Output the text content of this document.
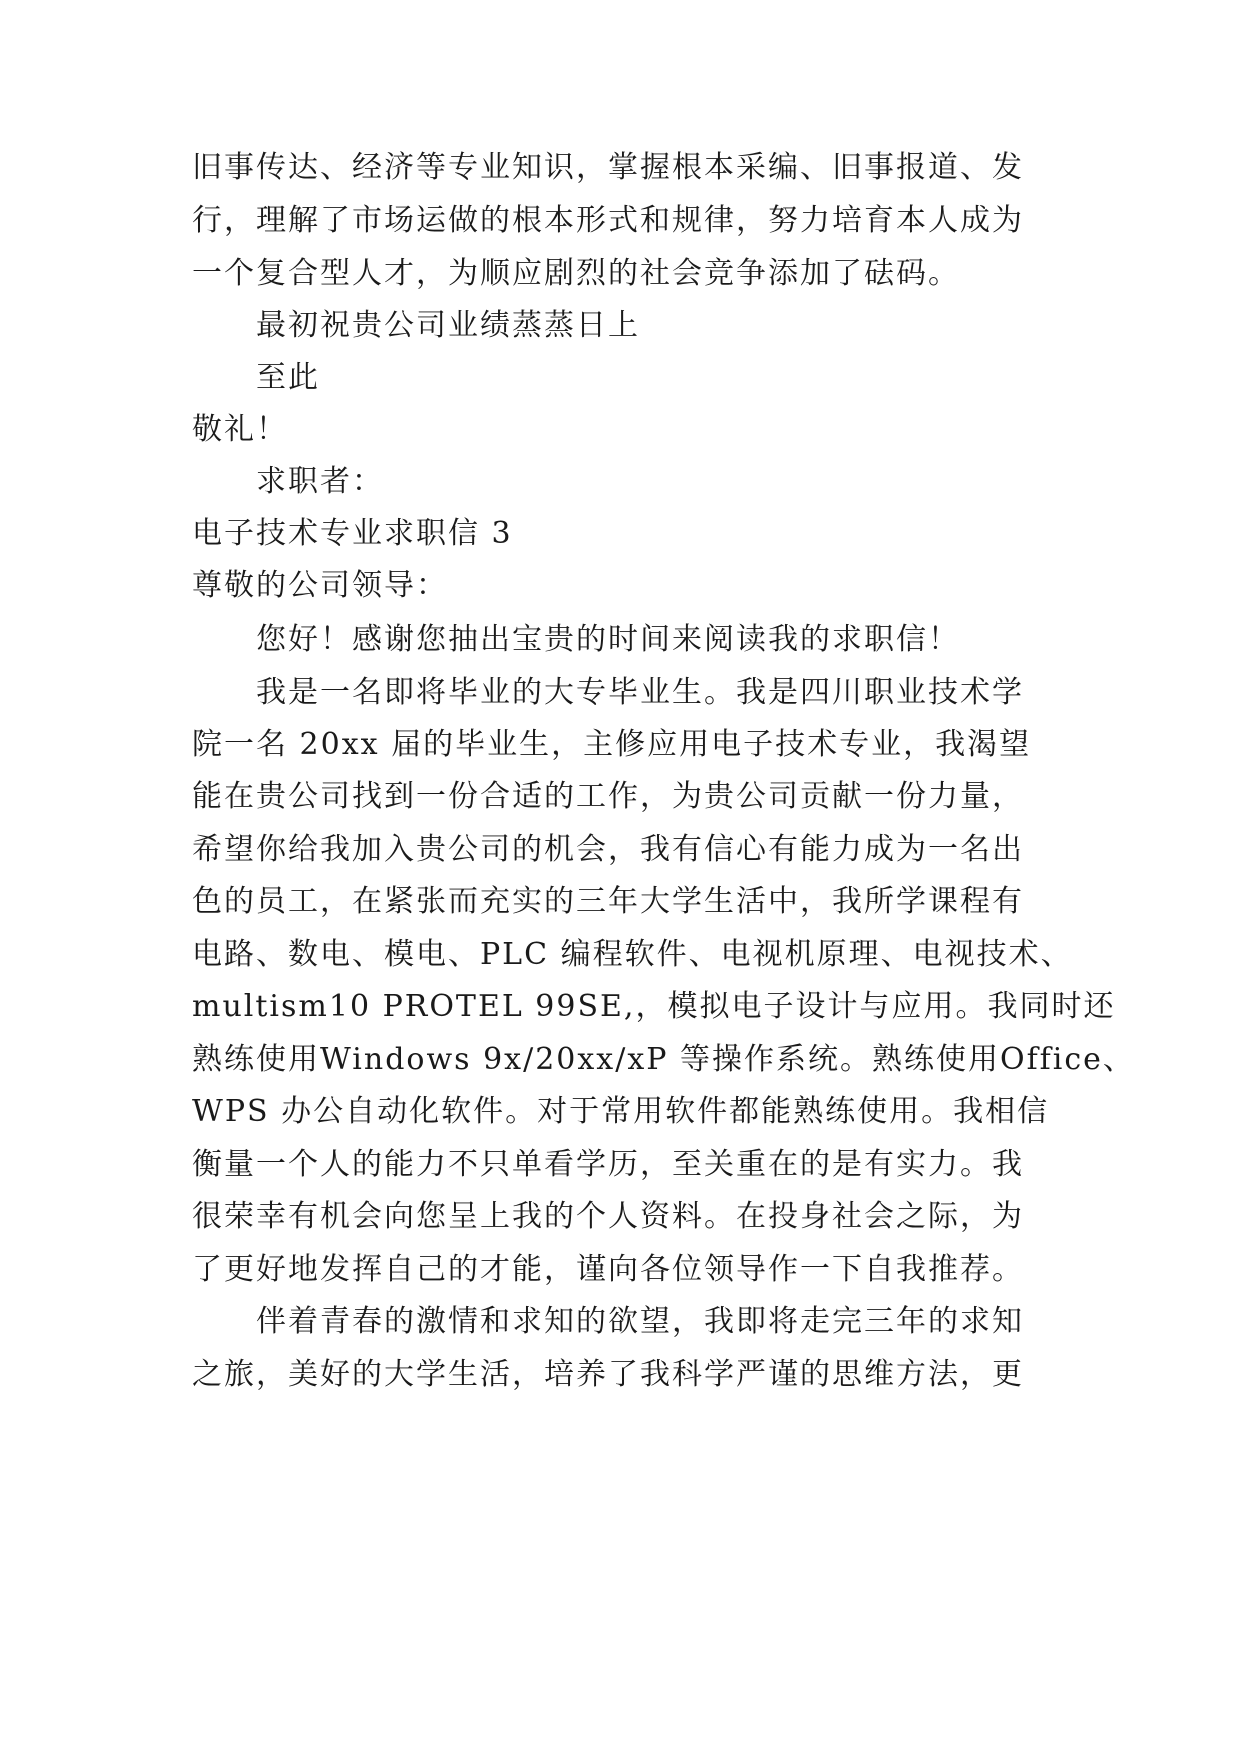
旧事传达、经济等专业知识，掌握根本采编、旧事报道、发
行，理解了市场运做的根本形式和规律，努力培育本人成为
一个复合型人才，为顺应剧烈的社会竞争添加了砝码。
最初祝贵公司业绩蒸蒸日上
至此
敬礼！
求职者：
电子技术专业求职信 3
尊敬的公司领导：
您好！感谢您抽出宝贵的时间来阅读我的求职信！
我是一名即将毕业的大专毕业生。我是四川职业技术学
院一名 20xx 届的毕业生，主修应用电子技术专业，我渴望
能在贵公司找到一份合适的工作，为贵公司贡献一份力量，
希望你给我加入贵公司的机会，我有信心有能力成为一名出
色的员工，在紧张而充实的三年大学生活中，我所学课程有
电路、数电、模电、PLC 编程软件、电视机原理、电视技术、
multism10 PROTEL 99SE,，模拟电子设计与应用。我同时还
熟练使用Windows 9x/20xx/xP 等操作系统。熟练使用Office、
WPS 办公自动化软件。对于常用软件都能熟练使用。我相信
衡量一个人的能力不只单看学历，至关重在的是有实力。我
很荣幸有机会向您呈上我的个人资料。在投身社会之际，为
了更好地发挥自己的才能，谨向各位领导作一下自我推荐。
伴着青春的激情和求知的欲望，我即将走完三年的求知
之旅，美好的大学生活，培养了我科学严谨的思维方法，更
